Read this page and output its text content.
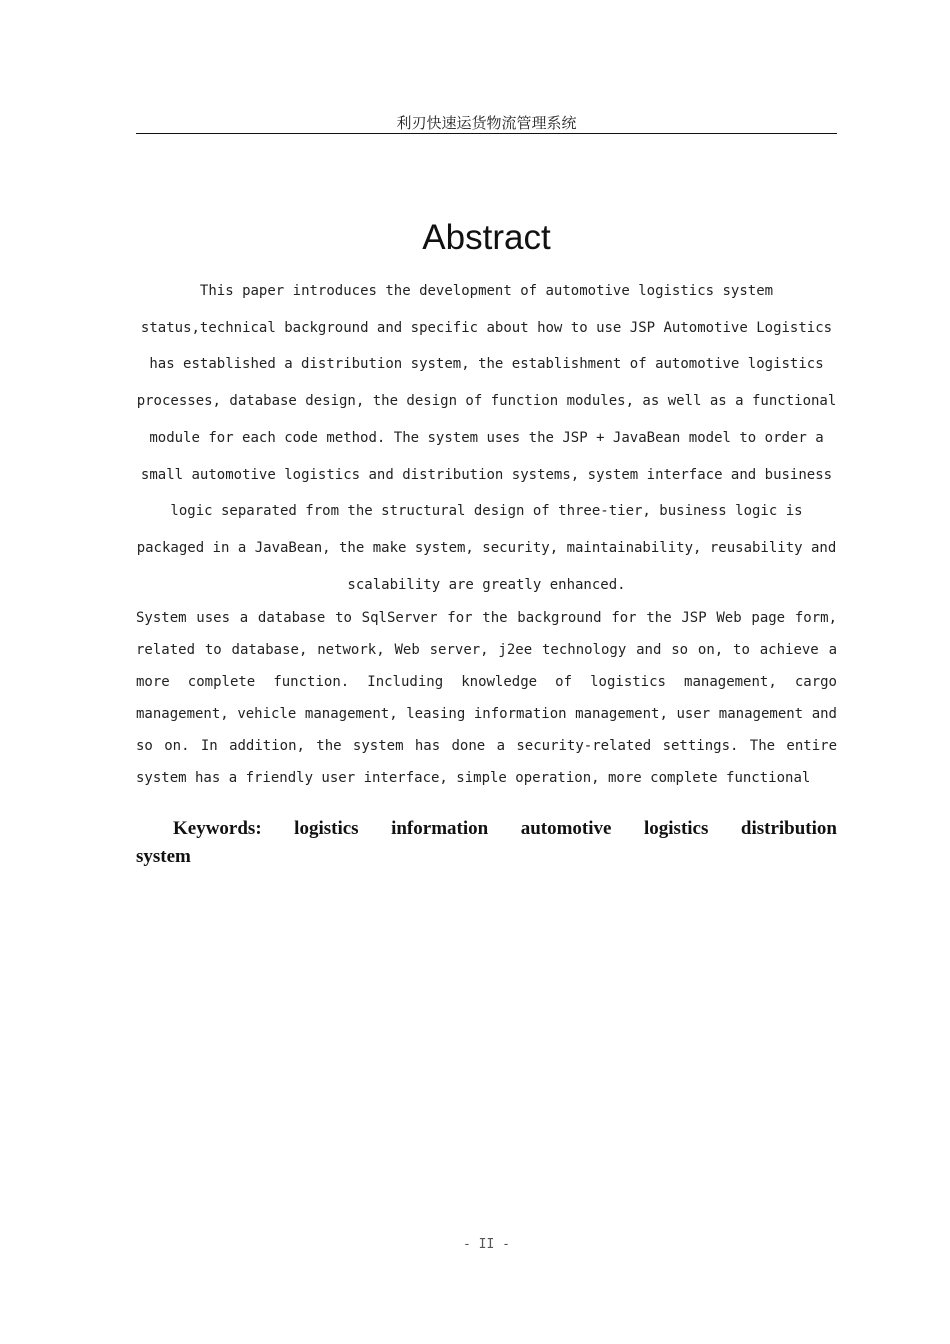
利刃快速运货物流管理系统
Abstract
This paper introduces the development of automotive logistics system
status,technical background and specific about how to use JSP Automotive Logistics
has established a distribution system, the establishment of automotive logistics
processes, database design, the design of function modules, as well as a functional
module for each code method. The system uses the JSP + JavaBean model to order a
small automotive logistics and distribution systems, system interface and business
logic separated from the structural design of three-tier, business logic is
packaged in a JavaBean, the make system, security, maintainability, reusability and
scalability are greatly enhanced.
System uses a database to SqlServer for the background for the JSP Web page form,
related to database, network, Web server, j2ee technology and so on, to achieve a
more complete function. Including knowledge of logistics management, cargo
management, vehicle management, leasing information management, user management and
so on. In addition, the system has done a security-related settings. The entire
system has a friendly user interface, simple operation, more complete functional
Keywords: logistics information automotive logistics distribution
system
- II -
